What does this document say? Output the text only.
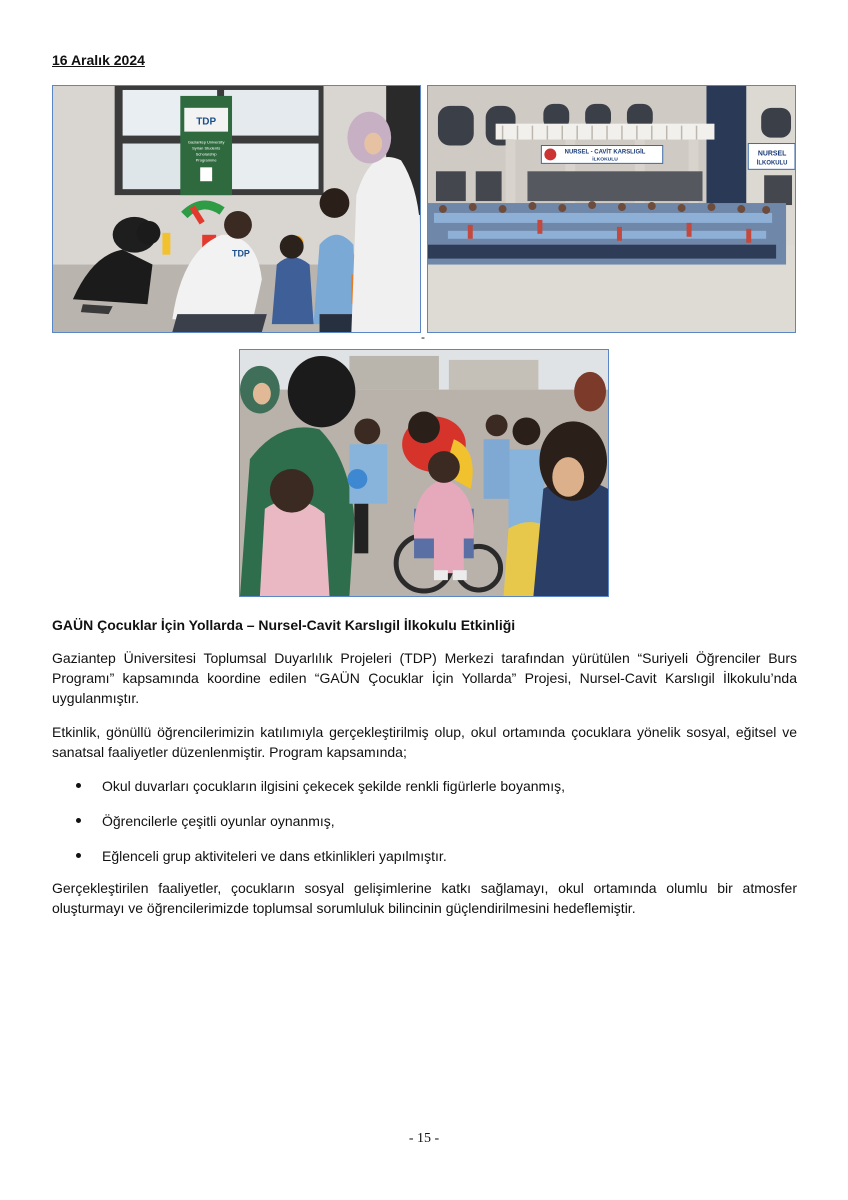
16 Aralık 2024
TDP
Gaziantep University
Syrian Students
Scholarship
Programme
TDP
NURSEL - CAVİT KARSLIGİL
İLKOKULU
NURSEL
İLKOKULU
-
GAÜN Çocuklar İçin Yollarda – Nursel-Cavit Karslıgil İlkokulu Etkinliği

Gaziantep Üniversitesi Toplumsal Duyarlılık Projeleri (TDP) Merkezi tarafından yürütülen “Suriyeli Öğrenciler Burs Programı” kapsamında koordine edilen “GAÜN Çocuklar İçin Yollarda” Projesi, Nursel-Cavit Karslıgil İlkokulu’nda uygulanmıştır.

Etkinlik, gönüllü öğrencilerimizin katılımıyla gerçekleştirilmiş olup, okul ortamında çocuklara yönelik sosyal, eğitsel ve sanatsal faaliyetler düzenlenmiştir. Program kapsamında;

Okul duvarları çocukların ilgisini çekecek şekilde renkli figürlerle boyanmış,
Öğrencilerle çeşitli oyunlar oynanmış,
Eğlenceli grup aktiviteleri ve dans etkinlikleri yapılmıştır.

Gerçekleştirilen faaliyetler, çocukların sosyal gelişimlerine katkı sağlamayı, okul ortamında olumlu bir atmosfer oluşturmayı ve öğrencilerimizde toplumsal sorumluluk bilincinin güçlendirilmesini hedeflemiştir.

- 15 -
